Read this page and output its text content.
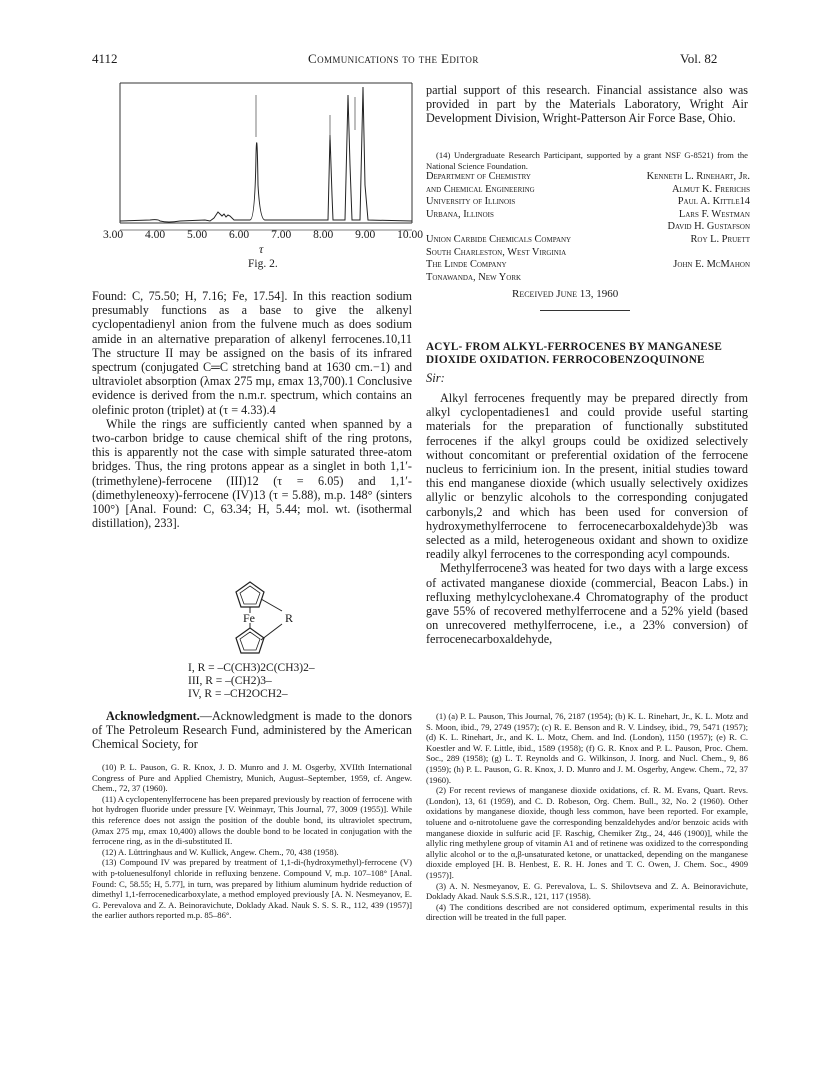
4112	Communications to the Editor	Vol. 82
3.00 4.00 5.00 6.00 7.00 8.00 9.00 10.00
τ
Fig. 2.

Found: C, 75.50; H, 7.16; Fe, 17.54]. In this reaction sodium presumably functions as a base to give the alkenyl cyclopentadienyl anion from the fulvene much as does sodium amide in an alternative preparation of alkenyl ferrocenes.10,11 The structure II may be assigned on the basis of its infrared spectrum (conjugated C═C stretching band at 1630 cm.−1) and ultraviolet absorption (λmax 275 mμ, εmax 13,700).1 Conclusive evidence is derived from the n.m.r. spectrum, which contains an olefinic proton (triplet) at (τ = 4.33).4

While the rings are sufficiently canted when spanned by a two-carbon bridge to cause chemical shift of the ring protons, this is apparently not the case with simple saturated three-atom bridges. Thus, the ring protons appear as a singlet in both 1,1′-(trimethylene)-ferrocene (III)12 (τ = 6.05) and 1,1′-(dimethyleneoxy)-ferrocene (IV)13 (τ = 5.88), m.p. 148° (sinters 100°) [Anal. Found: C, 63.34; H, 5.44; mol. wt. (isothermal distillation), 233].

Fe	R
I, R = –C(CH3)2C(CH3)2–
III, R = –(CH2)3–
IV, R = –CH2OCH2–

Acknowledgment.—Acknowledgment is made to the donors of The Petroleum Research Fund, administered by the American Chemical Society, for

(10) P. L. Pauson, G. R. Knox, J. D. Munro and J. M. Osgerby, XVIIth International Congress of Pure and Applied Chemistry, Munich, August–September, 1959, cf. Angew. Chem., 72, 37 (1960).

(11) A cyclopentenylferrocene has been prepared previously by reaction of ferrocene with hot hydrogen fluoride under pressure [V. Weinmayr, This Journal, 77, 3009 (1955)]. While this reference does not assign the position of the double bond, its ultraviolet spectrum, (λmax 275 mμ, εmax 10,400) allows the double bond to be located in conjugation with the ferrocene ring, as in the di-substituted II.

(12) A. Lüttringhaus and W. Kullick, Angew. Chem., 70, 438 (1958).

(13) Compound IV was prepared by treatment of 1,1-di-(hydroxymethyl)-ferrocene (V) with p-toluenesulfonyl chloride in refluxing benzene. Compound V, m.p. 107–108° [Anal. Found: C, 58.55; H, 5.77], in turn, was prepared by lithium aluminum hydride reduction of dimethyl 1,1-ferrocenedicarboxylate, a method employed previously [A. N. Nesmeyanov, E. G. Perevalova and Z. A. Beinoravichute, Doklady Akad. Nauk S. S. S. R., 112, 439 (1957)] the earlier authors reported m.p. 85–86°.

partial support of this research. Financial assistance also was provided in part by the Materials Laboratory, Wright Air Development Division, Wright-Patterson Air Force Base, Ohio.

(14) Undergraduate Research Participant, supported by a grant NSF G-8521) from the National Science Foundation.

Department of Chemistry	Kenneth L. Rinehart, Jr.
and Chemical Engineering	Almut K. Frerichs
University of Illinois	Paul A. Kittle14
Urbana, Illinois	Lars F. Westman
	David H. Gustafson
Union Carbide Chemicals Company	Roy L. Pruett
South Charleston, West Virginia	
The Linde Company	John E. McMahon
Tonawanda, New York	
Received June 13, 1960
ACYL- FROM ALKYL-FERROCENES BY MANGANESE
DIOXIDE OXIDATION. FERROCOBENZOQUINONE
Sir:

Alkyl ferrocenes frequently may be prepared directly from alkyl cyclopentadienes1 and could provide useful starting materials for the preparation of functionally substituted ferrocenes if the alkyl groups could be oxidized selectively without concomitant or preferential oxidation of the ferrocene nucleus to ferricinium ion. In the present, initial studies toward this end manganese dioxide (which usually selectively oxidizes allylic or benzylic alcohols to the corresponding conjugated carbonyls,2 and which has been used for conversion of hydroxymethylferrocene to ferrocenecarboxaldehyde)3b was selected as a mild, heterogeneous oxidant and shown to oxidize readily alkyl ferrocenes to the corresponding acyl compounds.

Methylferrocene3 was heated for two days with a large excess of activated manganese dioxide (commercial, Beacon Labs.) in refluxing methylcyclohexane.4 Chromatography of the product gave 55% of recovered methylferrocene and a 52% yield (based on unrecovered methylferrocene, i.e., a 23% conversion) of ferrocenecarboxaldehyde,

(1) (a) P. L. Pauson, This Journal, 76, 2187 (1954); (b) K. L. Rinehart, Jr., K. L. Motz and S. Moon, ibid., 79, 2749 (1957); (c) R. E. Benson and R. V. Lindsey, ibid., 79, 5471 (1957); (d) K. L. Rinehart, Jr., and K. L. Motz, Chem. and Ind. (London), 1150 (1957); (e) R. C. Koestler and W. F. Little, ibid., 1589 (1958); (f) G. R. Knox and P. L. Pauson, Proc. Chem. Soc., 289 (1958); (g) L. T. Reynolds and G. Wilkinson, J. Inorg. and Nucl. Chem., 9, 86 (1959); (h) P. L. Pauson, G. R. Knox, J. D. Munro and J. M. Osgerby, Angew. Chem., 72, 37 (1960).

(2) For recent reviews of manganese dioxide oxidations, cf. R. M. Evans, Quart. Revs. (London), 13, 61 (1959), and C. D. Robeson, Org. Chem. Bull., 32, No. 2 (1960). Other oxidations by manganese dioxide, though less common, have been reported. For example, toluene and o-nitrotoluene gave the corresponding benzaldehydes and/or benzoic acids with manganese dioxide in sulfuric acid [F. Raschig, Chemiker Ztg., 24, 446 (1900)], while the allylic ring methylene group of vitamin A1 and of retinene was oxidized to the corresponding allylic alcohol or to the α,β-unsaturated ketone, or unattacked, depending on the manganese dioxide employed [H. B. Henbest, E. R. H. Jones and T. C. Owen, J. Chem. Soc., 4909 (1957)].

(3) A. N. Nesmeyanov, E. G. Perevalova, L. S. Shilovtseva and Z. A. Beinoravichute, Doklady Akad. Nauk S.S.S.R., 121, 117 (1958).

(4) The conditions described are not considered optimum, experimental results in this direction will be treated in the full paper.
